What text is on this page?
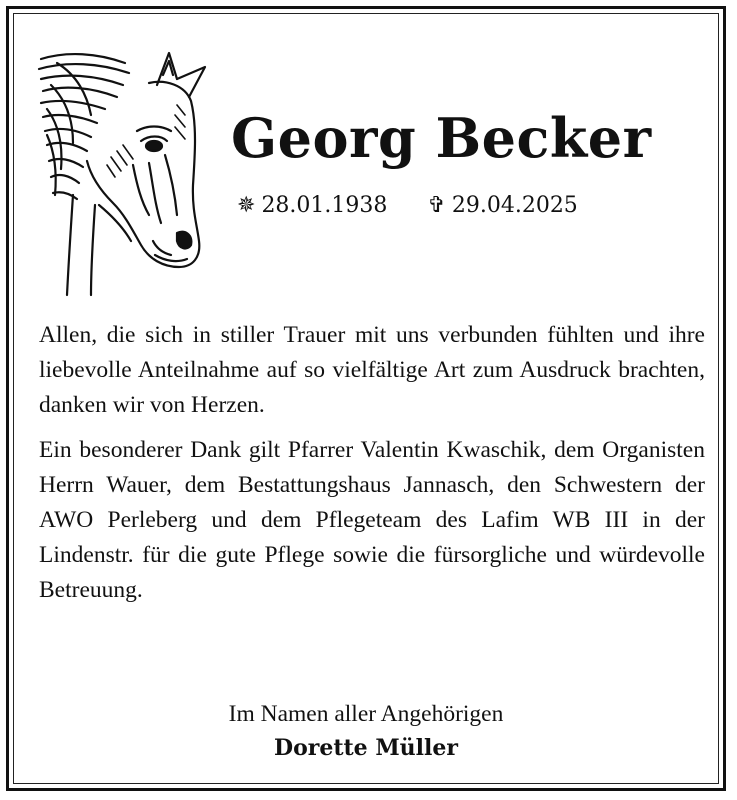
Georg Becker
✵ 28.01.1938 ✞ 29.04.2025

Allen, die sich in stiller Trauer mit uns verbunden fühlten und ihre liebevolle Anteilnahme auf so vielfältige Art zum Ausdruck brachten, danken wir von Herzen.

Ein besonderer Dank gilt Pfarrer Valentin Kwaschik, dem Organisten Herrn Wauer, dem Bestattungshaus Jannasch, den Schwestern der AWO Perleberg und dem Pflegeteam des Lafim WB III in der Lindenstr. für die gute Pflege sowie die fürsorgliche und würdevolle Betreuung.

Im Namen aller Angehörigen
Dorette Müller
